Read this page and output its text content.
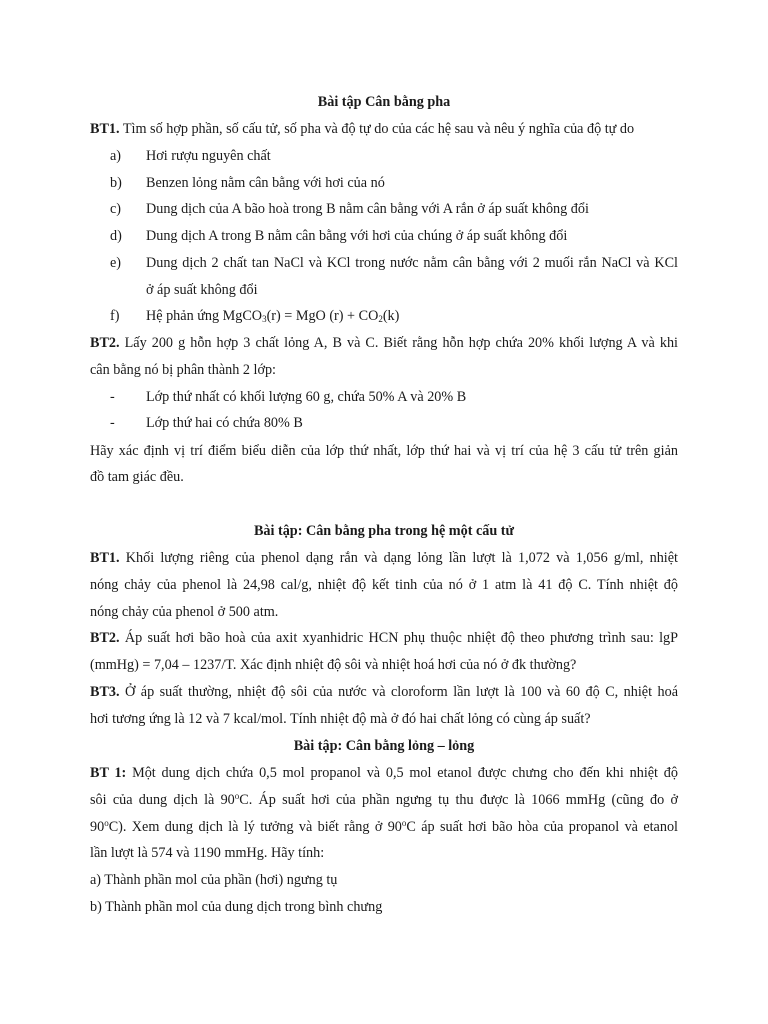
Bài tập Cân bằng pha
BT1. Tìm số hợp phần, số cấu tử, số pha và độ tự do của các hệ sau và nêu ý nghĩa của độ tự do
a) Hơi rượu nguyên chất
b) Benzen lỏng nằm cân bằng với hơi của nó
c) Dung dịch của A bão hoà trong B nằm cân bằng với A rắn ở áp suất không đổi
d) Dung dịch A trong B nằm cân bằng với hơi của chúng ở áp suất không đổi
e) Dung dịch 2 chất tan NaCl và KCl trong nước nằm cân bằng với 2 muối rắn NaCl và KCl
ở áp suất không đổi
f) Hệ phản ứng MgCO$_3$(r) = MgO $(r) + CO_2(k)$
BT2. Lấy 200 g hỗn hợp 3 chất lỏng A, B và C. Biết rằng hỗn hợp chứa 20% khối lượng A và khi
cân bằng nó bị phân thành 2 lớp:
- Lớp thứ nhất có khối lượng 60 g, chứa 50% A và 20% B
- Lớp thứ hai có chứa 80% B
Hãy xác định vị trí điểm biểu diễn của lớp thứ nhất, lớp thứ hai và vị trí của hệ 3 cấu tử trên giản
đồ tam giác đều.
Bài tập: Cân bằng pha trong hệ một cấu tử
BT1. Khối lượng riêng của phenol dạng rắn và dạng lỏng lần lượt là 1,072 và 1,056 g/ml, nhiệt
nóng chảy của phenol là 24,98 cal/g, nhiệt độ kết tinh của nó ở 1 atm là 41 độ C. Tính nhiệt độ
nóng chảy của phenol ở 500 atm.
BT2. Áp suất hơi bão hoà của axit xyanhidric HCN phụ thuộc nhiệt độ theo phương trình sau: lgP
(mmHg) = 7,04 – 1237/T. Xác định nhiệt độ sôi và nhiệt hoá hơi của nó ở đk thường?
BT3. Ở áp suất thường, nhiệt độ sôi của nước và cloroform lần lượt là 100 và 60 độ C, nhiệt hoá
hơi tương ứng là 12 và 7 kcal/mol. Tính nhiệt độ mà ở đó hai chất lỏng có cùng áp suất?
Bài tập: Cân bằng lỏng – lỏng
BT 1: Một dung dịch chứa 0,5 mol propanol và 0,5 mol etanol được chưng cho đến khi nhiệt độ
sôi của dung dịch là 90$^o$C. Áp suất hơi của phần ngưng tụ thu được là 1066 mmHg (cũng đo ở
90$^o$C). Xem dung dịch là lý tưởng và biết rằng ở 90$^o$C áp suất hơi bão hòa của propanol và etanol
lần lượt là 574 và 1190 mmHg. Hãy tính:
a) Thành phần mol của phần (hơi) ngưng tụ
b) Thành phần mol của dung dịch trong bình chưng
